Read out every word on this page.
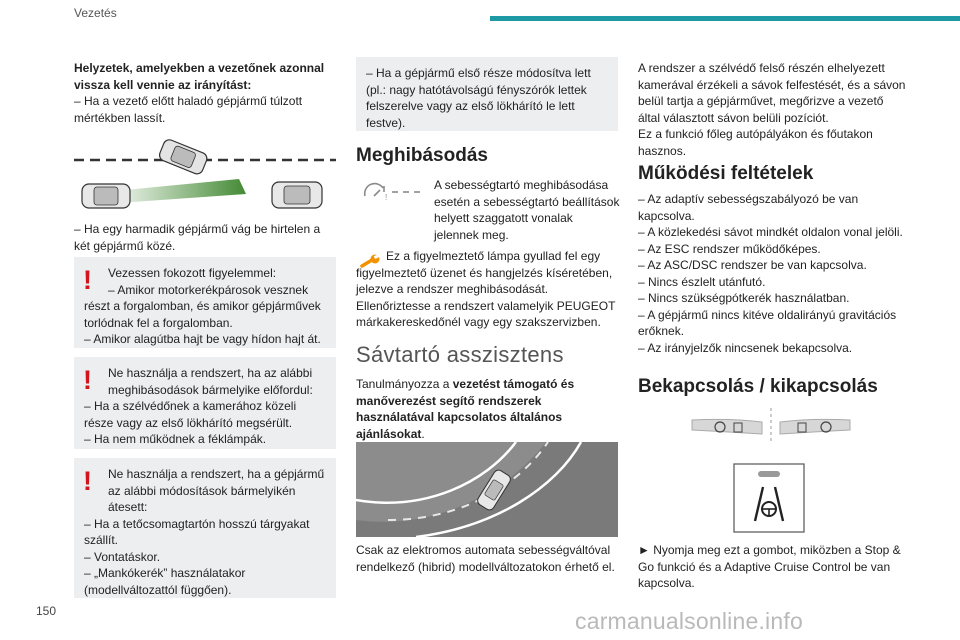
Vezetés

Helyzetek, amelyekben a vezetőnek azonnal vissza kell vennie az irányítást:

– Ha a vezető előtt haladó gépjármű túlzott mértékben lassít.

– Ha egy harmadik gépjármű vág be hirtelen a két gépjármű közé.
!	Vezessen fokozott figyelemmel:

– Amikor motorkerékpárosok vesznek részt a forgalomban, és amikor gépjárművek torlódnak fel a forgalomban.

– Amikor alagútba hajt be vagy hídon hajt át.

!	Ne használja a rendszert, ha az alábbi meghibásodások bármelyike előfordul:

– Ha a szélvédőnek a kamerához közeli része vagy az első lökhárító megsérült.

– Ha nem működnek a féklámpák.

!	Ne használja a rendszert, ha a gépjármű az alábbi módosítások bármelyikén átesett:

– Ha a tetőcsomagtartón hosszú tárgyakat szállít.

– Vontatáskor.

– „Mankókerék” használatakor (modellváltozattól függően).

– Ha a gépjármű első része módosítva lett (pl.: nagy hatótávolságú fényszórók lettek felszerelve vagy az első lökhárító le lett festve).
Meghibásodás
!
A sebességtartó meghibásodása esetén a sebességtartó beállítások helyett szaggatott vonalak jelennek meg.

Ez a figyelmeztető lámpa gyullad fel egy figyelmeztető üzenet és hangjelzés kíséretében, jelezve a rendszer meghibásodását. Ellenőriztesse a rendszert valamelyik PEUGEOT márkakereskedőnél vagy egy szakszervizben.

Sávtartó asszisztens
Tanulmányozza a vezetést támogató és manőverezést segítő rendszerek használatával kapcsolatos általános ajánlásokat.
Csak az elektromos automata sebességváltóval rendelkező (hibrid) modellváltozatokon érhető el.

A rendszer a szélvédő felső részén elhelyezett kamerával érzékeli a sávok felfestését, és a sávon belül tartja a gépjárművet, megőrizve a vezető által választott sávon belüli pozíciót.

Ez a funkció főleg autópályákon és főutakon hasznos.

Működési feltételek

– Az adaptív sebességszabályozó be van kapcsolva.

– A közlekedési sávot mindkét oldalon vonal jelöli.

– Az ESC rendszer működőképes.

– Az ASC/DSC rendszer be van kapcsolva.

– Nincs észlelt utánfutó.

– Nincs szükségpótkerék használatban.

– A gépjármű nincs kitéve oldalirányú gravitációs erőknek.

– Az irányjelzők nincsenek bekapcsolva.

Bekapcsolás / kikapcsolás
► Nyomja meg ezt a gombot, miközben a Stop & Go funkció és a Adaptive Cruise Control be van kapcsolva.
150	carmanualsonline.info
